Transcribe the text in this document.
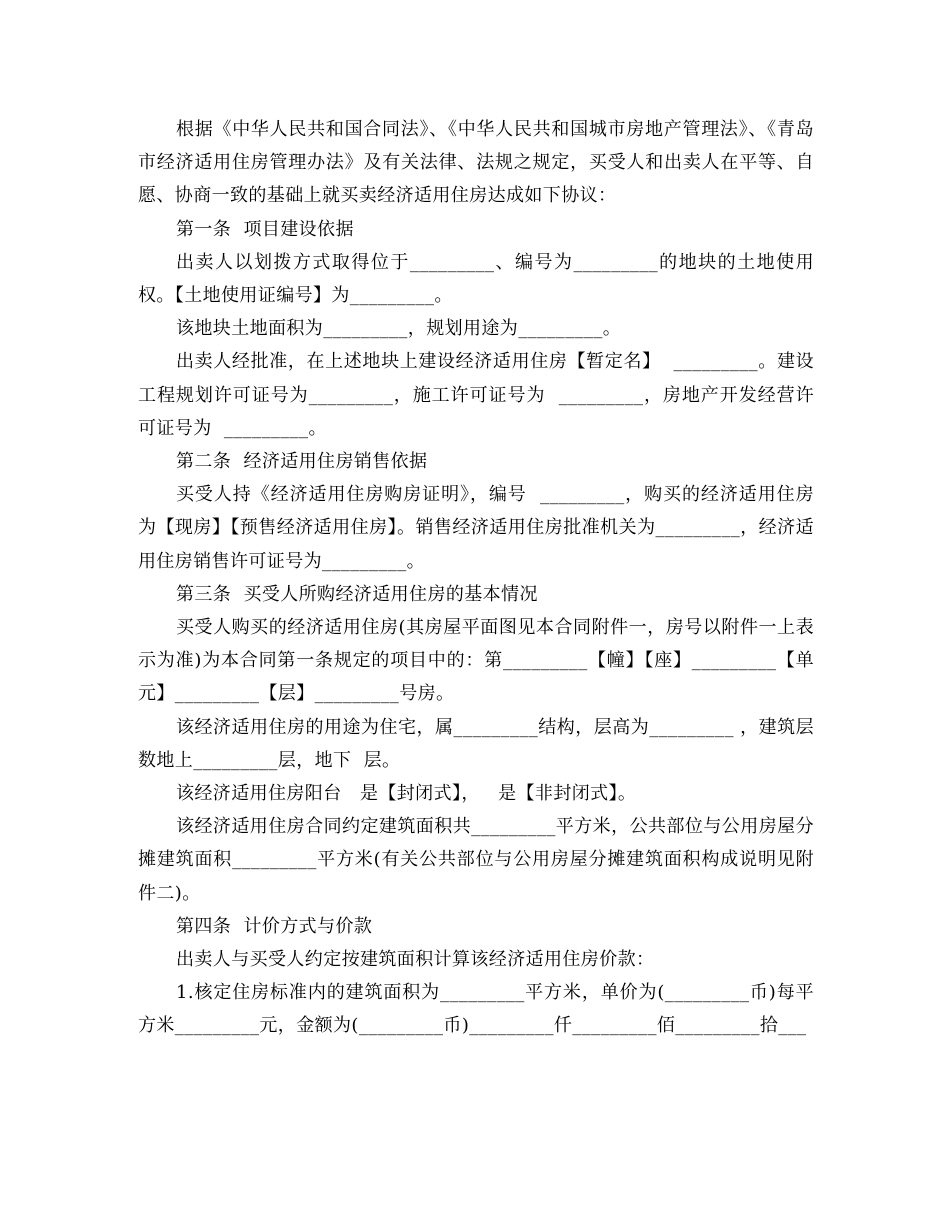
根据《中华人民共和国合同法》、《中华人民共和国城市房地产管理法》、《青岛市经济适用住房管理办法》及有关法律、法规之规定，买受人和出卖人在平等、自愿、协商一致的基础上就买卖经济适用住房达成如下协议：

第一条  项目建设依据

出卖人以划拨方式取得位于_________、编号为_________的地块的土地使用权。【土地使用证编号】为_________。

该地块土地面积为_________，规划用途为_________。

出卖人经批准，在上述地块上建设经济适用住房【暂定名】  _________。建设工程规划许可证号为_________，施工许可证号为  _________，房地产开发经营许可证号为  _________。

第二条  经济适用住房销售依据

买受人持《经济适用住房购房证明》，编号  _________，购买的经济适用住房为【现房】【预售经济适用住房】。销售经济适用住房批准机关为_________，经济适用住房销售许可证号为_________。

第三条  买受人所购经济适用住房的基本情况

买受人购买的经济适用住房(其房屋平面图见本合同附件一，房号以附件一上表示为准)为本合同第一条规定的项目中的：第_________【幢】【座】_________【单元】_________【层】_________号房。

该经济适用住房的用途为住宅，属_________结构，层高为_________ ，建筑层数地上_________层，地下  层。

该经济适用住房阳台   是【封闭式】，   是【非封闭式】。

该经济适用住房合同约定建筑面积共_________平方米，公共部位与公用房屋分摊建筑面积_________平方米(有关公共部位与公用房屋分摊建筑面积构成说明见附件二)。

第四条  计价方式与价款

出卖人与买受人约定按建筑面积计算该经济适用住房价款：

1.核定住房标准内的建筑面积为_________平方米，单价为(_________币)每平方米_________元，金额为(_________币)_________仟_________佰_________拾___
